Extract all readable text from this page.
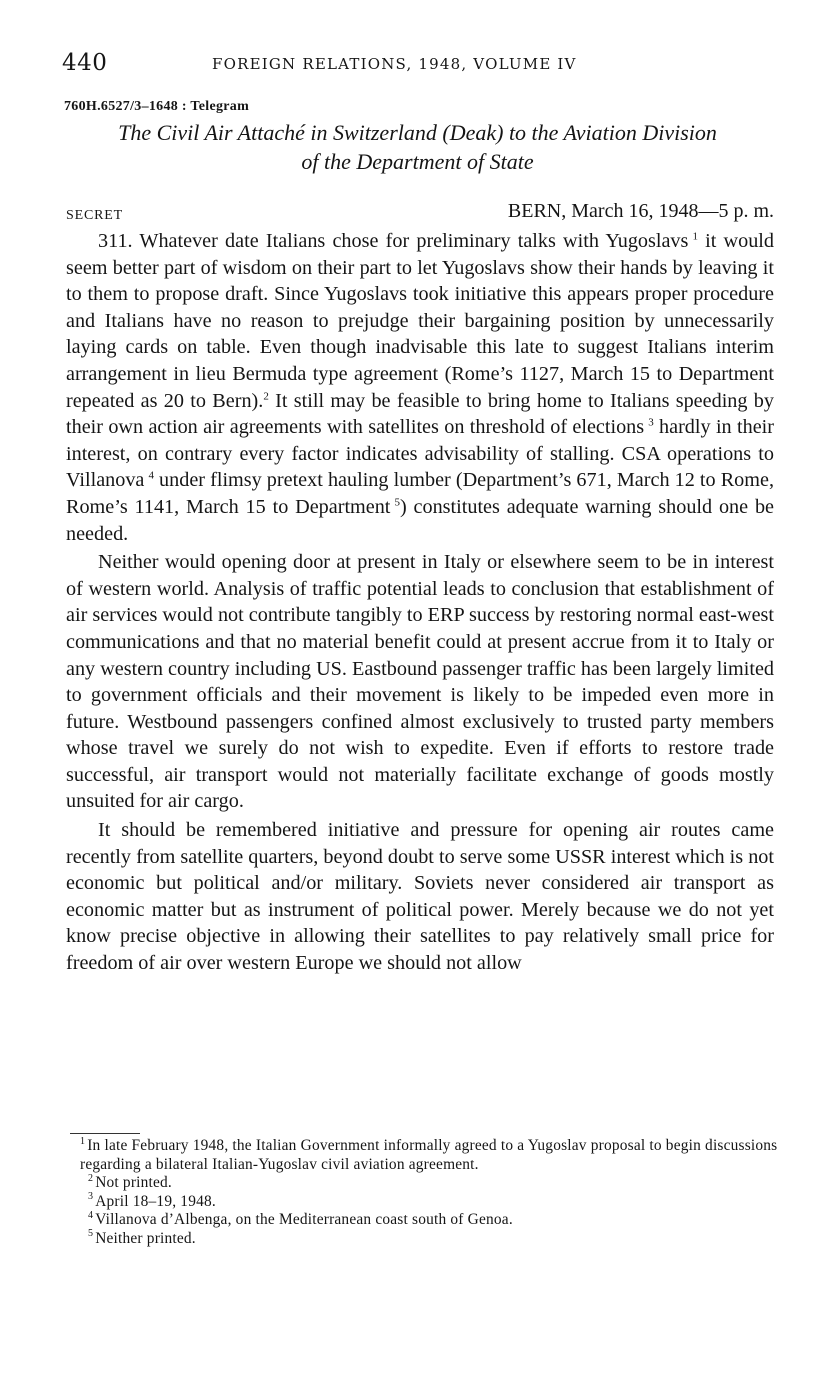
440	FOREIGN RELATIONS, 1948, VOLUME IV
760H.6527/3–1648 : Telegram
The Civil Air Attaché in Switzerland (Deak) to the Aviation Division
of the Department of State
SECRET	BERN, March 16, 1948—5 p. m.

311. Whatever date Italians chose for preliminary talks with Yugoslavs  $^1$ it would seem better part of wisdom on their part to let Yugoslavs show their hands by leaving it to them to propose draft. Since Yugoslavs took initiative this appears proper procedure and Italians have no reason to prejudge their bargaining position by unnecessarily laying cards on table. Even though inadvisable this late to suggest Italians interim arrangement in lieu Bermuda type agreement (Rome’s 1127, March 15 to Department repeated as 20 to Bern).$^2$ It still may be feasible to bring home to Italians speeding by their own action air agreements with satellites on threshold of elections  $^3$ hardly in their interest, on contrary every factor indicates advisability of stalling. CSA operations to Villanova  $^4$ under flimsy pretext hauling lumber (Department’s 671, March 12 to Rome, Rome’s 1141, March 15 to Department  $^5$) constitutes adequate warning should one be needed.

Neither would opening door at present in Italy or elsewhere seem to be in interest of western world. Analysis of traffic potential leads to conclusion that establishment of air services would not contribute tangibly to ERP success by restoring normal east-west communications and that no material benefit could at present accrue from it to Italy or any western country including US. Eastbound passenger traffic has been largely limited to government officials and their movement is likely to be impeded even more in future. Westbound passengers confined almost exclusively to trusted party members whose travel we surely do not wish to expedite. Even if efforts to restore trade successful, air transport would not materially facilitate exchange of goods mostly unsuited for air cargo.

It should be remembered initiative and pressure for opening air routes came recently from satellite quarters, beyond doubt to serve some USSR interest which is not economic but political and/or military. Soviets never considered air transport as economic matter but as instrument of political power. Merely because we do not yet know precise objective in allowing their satellites to pay relatively small price for freedom of air over western Europe we should not allow

$^1$ In late February 1948, the Italian Government informally agreed to a Yugoslav proposal to begin discussions regarding a bilateral Italian-Yugoslav civil aviation agreement.

$^2$ Not printed.

$^3$ April 18–19, 1948.

$^4$ Villanova d’Albenga, on the Mediterranean coast south of Genoa.

$^5$ Neither printed.
